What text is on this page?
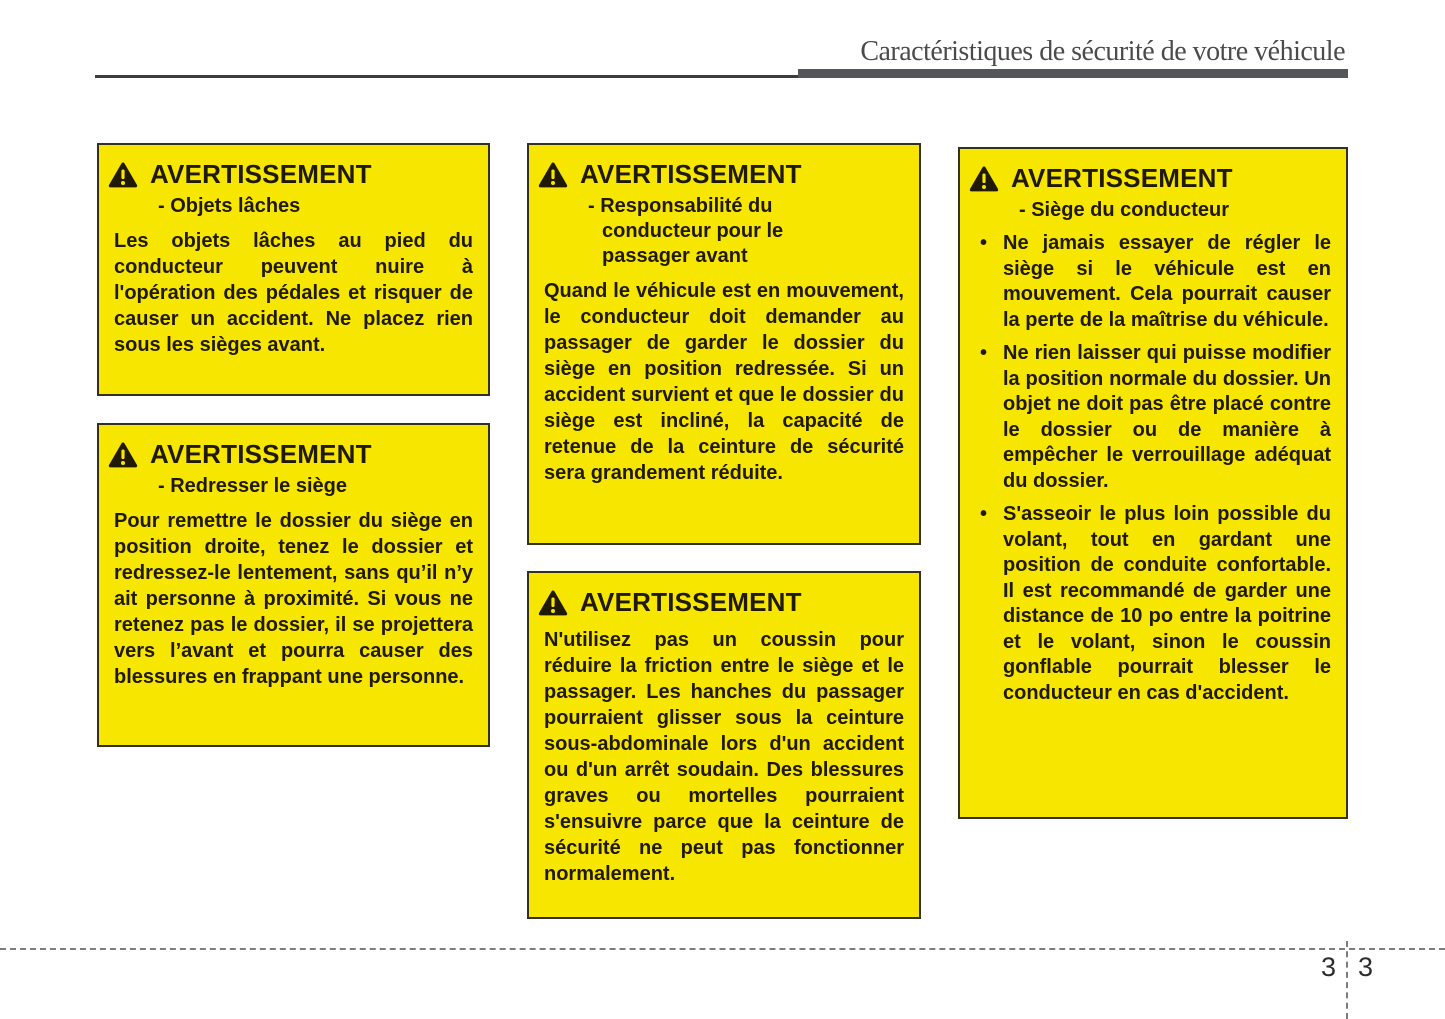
Caractéristiques de sécurité de votre véhicule
AVERTISSEMENT
- Objets lâches

Les objets lâches au pied du conducteur peuvent nuire à l'opération des pédales et risquer de causer un accident. Ne placez rien sous les sièges avant.

AVERTISSEMENT
- Redresser le siège

Pour remettre le dossier du siège en position droite, tenez le dossier et redressez-le lentement, sans qu’il n’y ait personne à proximité. Si vous ne retenez pas le dossier, il se projettera vers l’avant et pourra causer des blessures en frappant une personne.

AVERTISSEMENT
- Responsabilité du conducteur pour le passager avant

Quand le véhicule est en mouvement, le conducteur doit demander au passager de garder le dossier du siège en position redressée. Si un accident survient et que le dossier du siège est incliné, la capacité de retenue de la ceinture de sécurité sera grandement réduite.

AVERTISSEMENT

N'utilisez pas un coussin pour réduire la friction entre le siège et le passager. Les hanches du passager pourraient glisser sous la ceinture sous-abdominale lors d'un accident ou d'un arrêt soudain. Des blessures graves ou mortelles pourraient s'ensuivre parce que la ceinture de sécurité ne peut pas fonctionner normalement.

AVERTISSEMENT
- Siège du conducteur
• Ne jamais essayer de régler le siège si le véhicule est en mouvement. Cela pourrait causer la perte de la maîtrise du véhicule.
• Ne rien laisser qui puisse modifier la position normale du dossier. Un objet ne doit pas être placé contre le dossier ou de manière à empêcher le verrouillage adéquat du dossier.
• S'asseoir le plus loin possible du volant, tout en gardant une position de conduite confortable. Il est recommandé de garder une distance de 10 po entre la poitrine et le volant, sinon le coussin gonflable pourrait blesser le conducteur en cas d'accident.
3 3
